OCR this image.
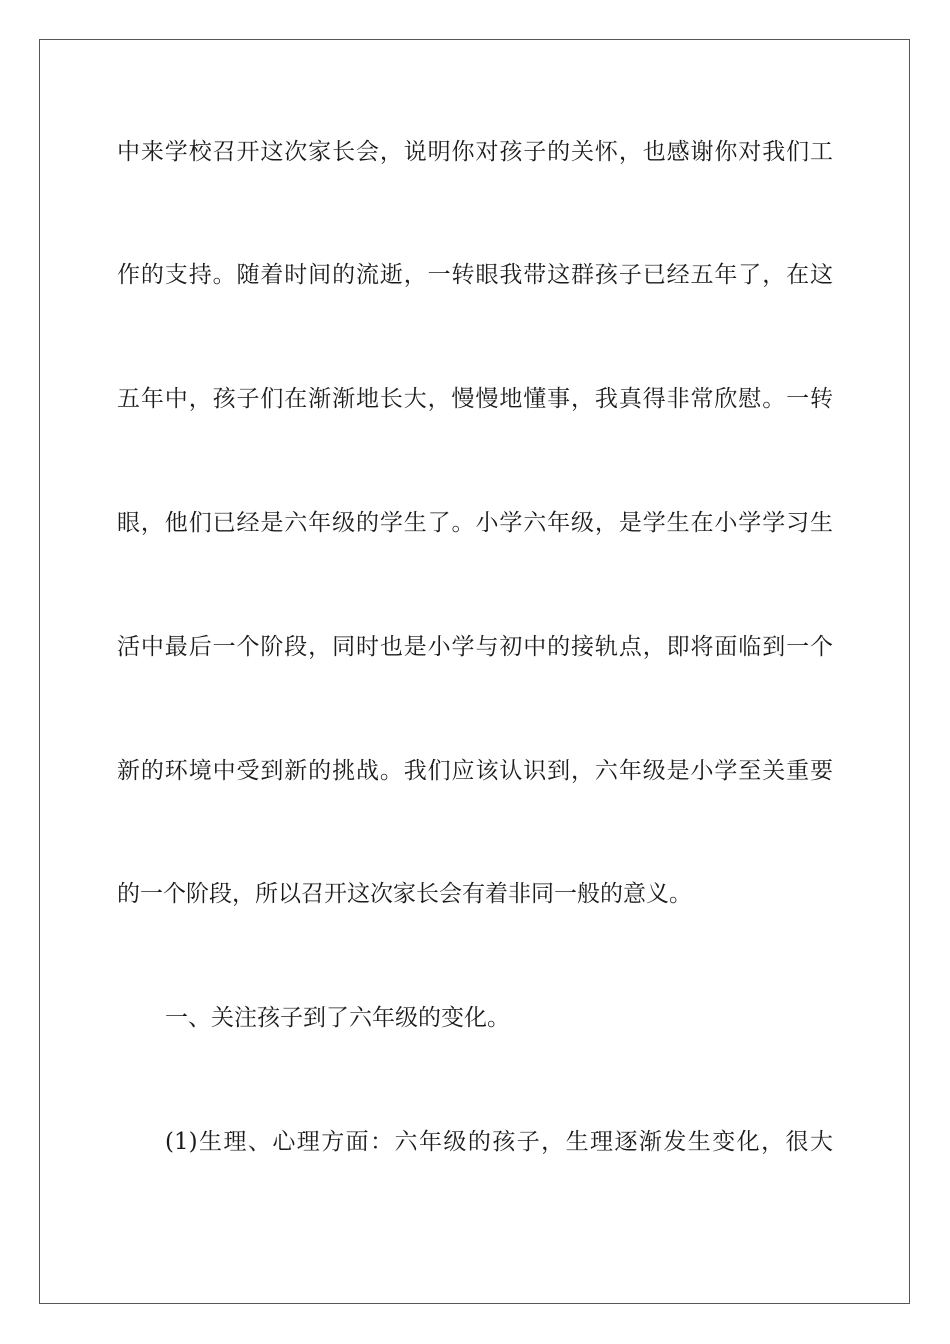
中来学校召开这次家长会，说明你对孩子的关怀，也感谢你对我们工
作的支持。随着时间的流逝，一转眼我带这群孩子已经五年了，在这
五年中，孩子们在渐渐地长大，慢慢地懂事，我真得非常欣慰。一转
眼，他们已经是六年级的学生了。小学六年级，是学生在小学学习生
活中最后一个阶段，同时也是小学与初中的接轨点，即将面临到一个
新的环境中受到新的挑战。我们应该认识到，六年级是小学至关重要
的一个阶段，所以召开这次家长会有着非同一般的意义。
一、关注孩子到了六年级的变化。
(1)生理、心理方面：六年级的孩子，生理逐渐发生变化，很大
